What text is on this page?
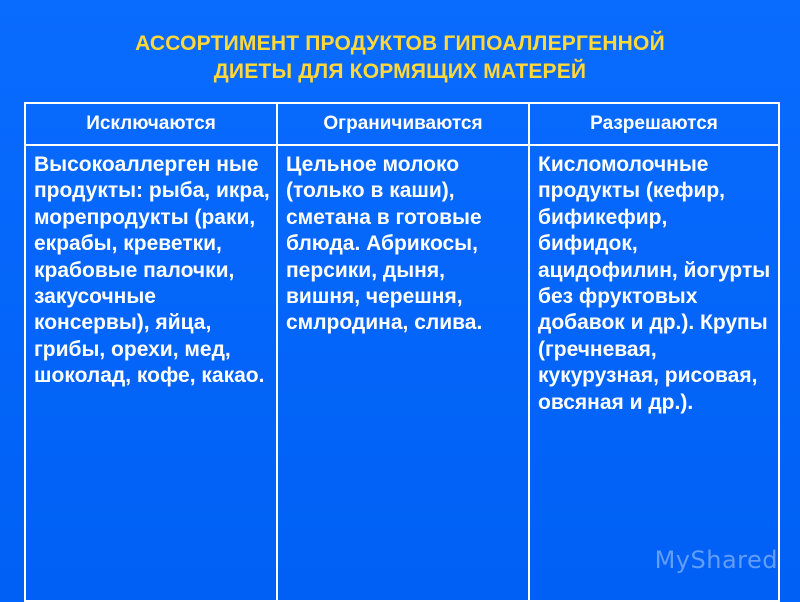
АССОРТИМЕНТ ПРОДУКТОВ ГИПОАЛЛЕРГЕННОЙ
ДИЕТЫ ДЛЯ КОРМЯЩИХ МАТЕРЕЙ
Исключаются	Ограничиваются	Разрешаются
Высокоаллерген ные продукты: рыба, икра, морепродукты (раки, екрабы, креветки, крабовые палочки, закусочные консервы), яйца, грибы, орехи, мед, шоколад, кофе, какао.	Цельное молоко (только в каши), сметана в готовые блюда. Абрикосы, персики, дыня, вишня, черешня, смлродина, слива.	Кисломолочные продукты (кефир, бификефир, бифидок, ацидофилин, йогурты без фруктовых добавок и др.). Крупы (гречневая, кукурузная, рисовая, овсяная и др.).
MyShared
